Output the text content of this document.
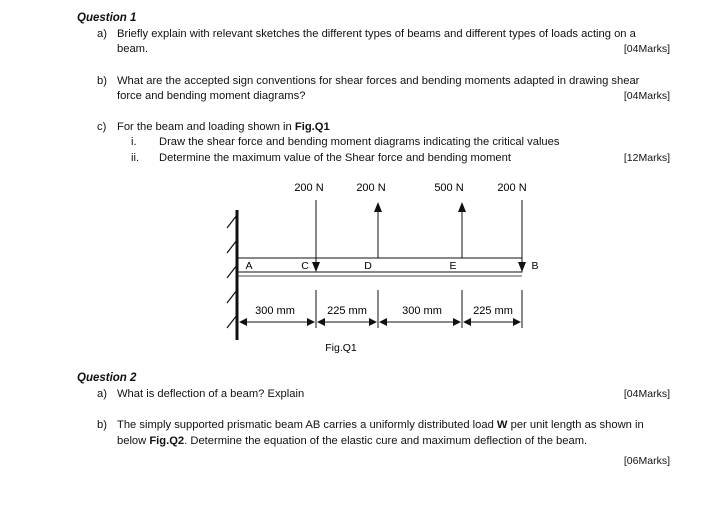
Question 1
a) Briefly explain with relevant sketches the different types of beams and different types of loads acting on a
beam.	[04Marks]
b) What are the accepted sign conventions for shear forces and bending moments adapted in drawing shear
force and bending moment diagrams?	[04Marks]
c) For the beam and loading shown in Fig.Q1
i. Draw the shear force and bending moment diagrams indicating the critical values
ii. Determine the maximum value of the Shear force and bending moment	[12Marks]
200 N	200 N	500 N	200 N
A	C	D	E	B
300 mm	225 mm	300 mm	225 mm
Fig.Q1
Question 2
a) What is deflection of a beam? Explain	[04Marks]
b) The simply supported prismatic beam AB carries a uniformly distributed load W per unit length as shown in
below Fig.Q2. Determine the equation of the elastic cure and maximum deflection of the beam.
[06Marks]
